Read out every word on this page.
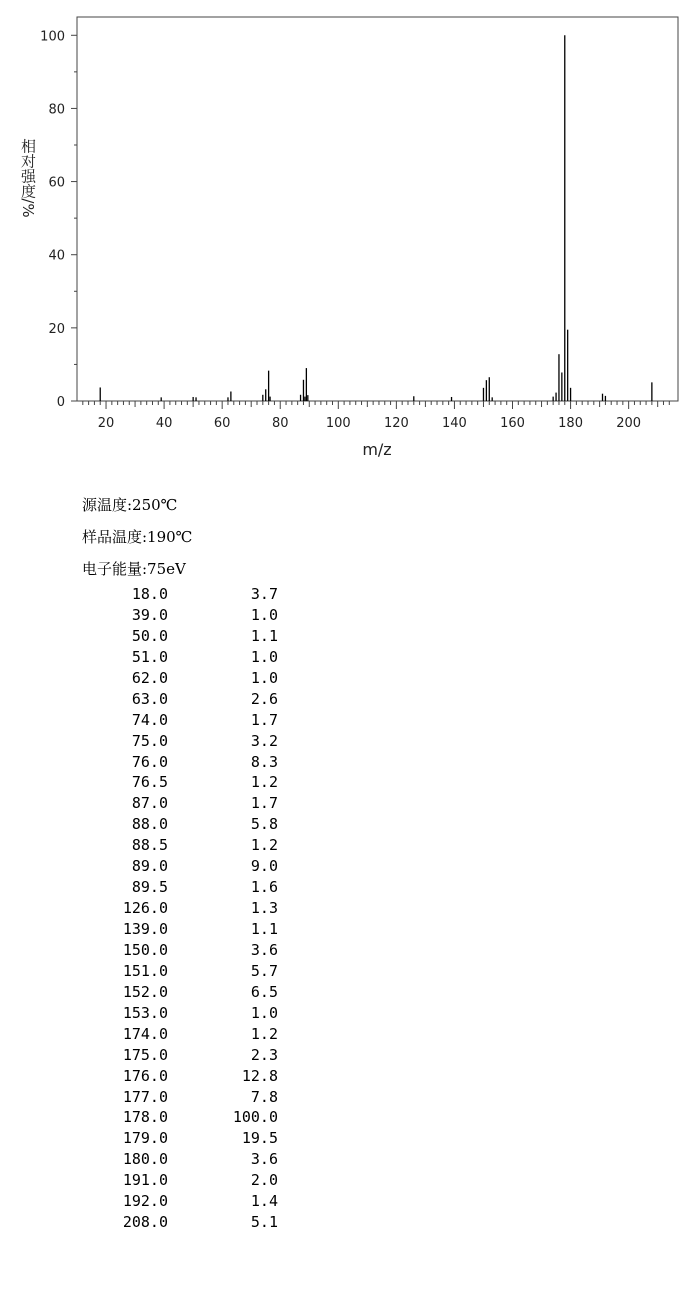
0
20
40
60
80
100
20	40	60	80	100	120	140	160	180	200
m/z
相对强度/%
源温度:250℃
样品温度:190℃
电子能量:75eV
18.0	3.7
39.0	1.0
50.0	1.1
51.0	1.0
62.0	1.0
63.0	2.6
74.0	1.7
75.0	3.2
76.0	8.3
76.5	1.2
87.0	1.7
88.0	5.8
88.5	1.2
89.0	9.0
89.5	1.6
126.0	1.3
139.0	1.1
150.0	3.6
151.0	5.7
152.0	6.5
153.0	1.0
174.0	1.2
175.0	2.3
176.0	12.8
177.0	7.8
178.0	100.0
179.0	19.5
180.0	3.6
191.0	2.0
192.0	1.4
208.0	5.1
